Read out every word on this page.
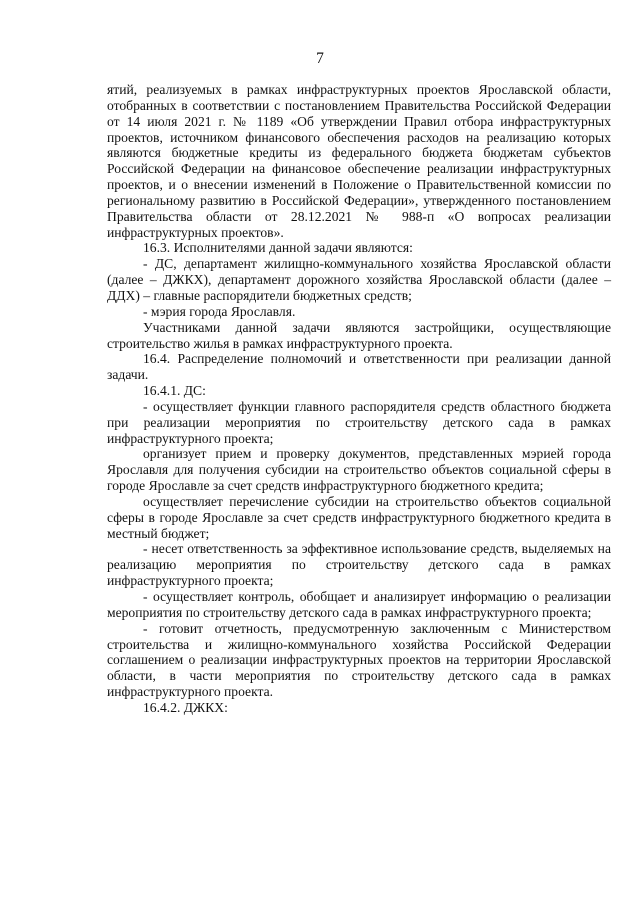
7

ятий, реализуемых в рамках инфраструктурных проектов Ярославской области, отобранных в соответствии с постановлением Правительства Российской Федерации от 14 июля 2021 г. № 1189 «Об утверждении Правил отбора инфраструктурных проектов, источником финансового обеспечения расходов на реализацию которых являются бюджетные кредиты из федерального бюджета бюджетам субъектов Российской Федерации на финансовое обеспечение реализации инфраструктурных проектов, и о внесении изменений в Положение о Правительственной комиссии по региональному развитию в Российской Федерации», утвержденного постановлением Правительства области от 28.12.2021 № 988-п «О вопросах реализации инфраструктурных проектов».

16.3. Исполнителями данной задачи являются:

- ДС, департамент жилищно-коммунального хозяйства Ярославской области (далее – ДЖКХ), департамент дорожного хозяйства Ярославской области (далее – ДДХ) – главные распорядители бюджетных средств;

- мэрия города Ярославля.

Участниками данной задачи являются застройщики, осуществляющие строительство жилья в рамках инфраструктурного проекта.

16.4. Распределение полномочий и ответственности при реализации данной задачи.

16.4.1. ДС:

- осуществляет функции главного распорядителя средств областного бюджета при реализации мероприятия по строительству детского сада в рамках инфраструктурного проекта;

организует прием и проверку документов, представленных мэрией города Ярославля для получения субсидии на строительство объектов социальной сферы в городе Ярославле за счет средств инфраструктурного бюджетного кредита;

осуществляет перечисление субсидии на строительство объектов социальной сферы в городе Ярославле за счет средств инфраструктурного бюджетного кредита в местный бюджет;

- несет ответственность за эффективное использование средств, выделяемых на реализацию мероприятия по строительству детского сада в рамках инфраструктурного проекта;

- осуществляет контроль, обобщает и анализирует информацию о реализации мероприятия по строительству детского сада в рамках инфраструктурного проекта;

- готовит отчетность, предусмотренную заключенным с Министерством строительства и жилищно-коммунального хозяйства Российской Федерации соглашением о реализации инфраструктурных проектов на территории Ярославской области, в части мероприятия по строительству детского сада в рамках инфраструктурного проекта.

16.4.2. ДЖКХ:
